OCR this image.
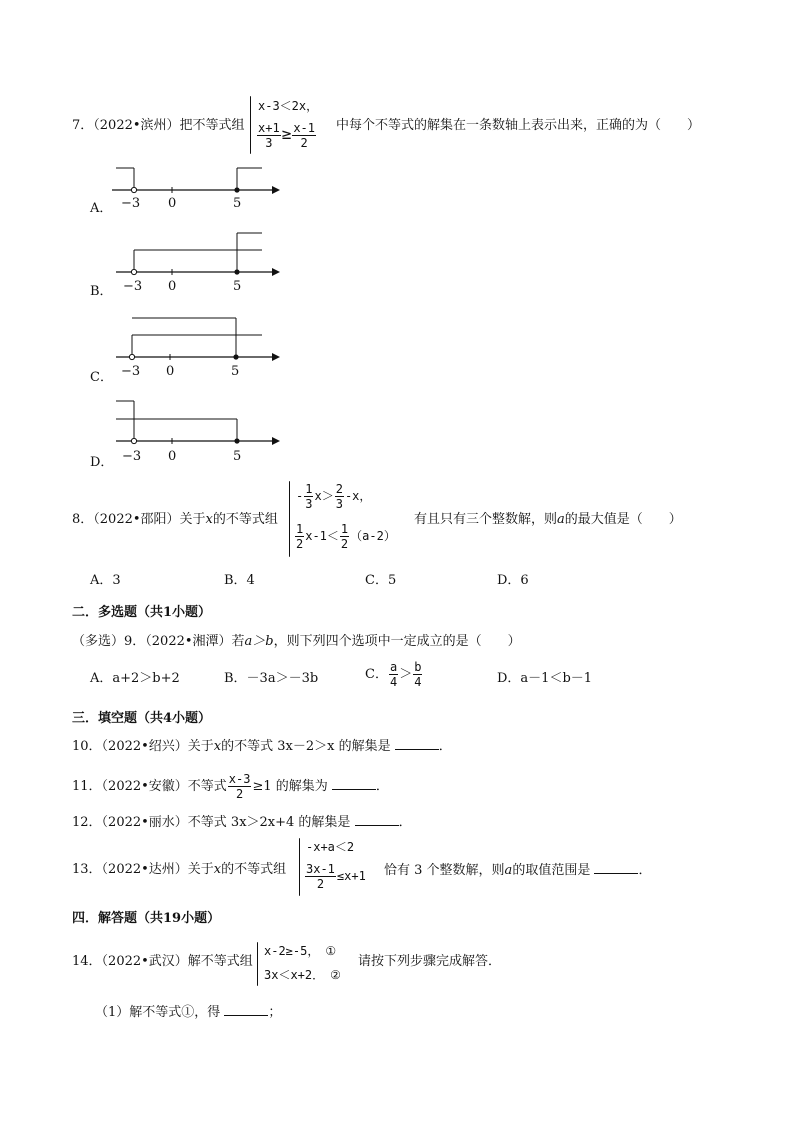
7．（2022•滨州）把不等式组
x-3＜2x，
$\frac{x+1}{3} \ge \frac{x-1}{2}$ 中每个不等式的解集在一条数轴上表示出来，正确的为（　　）
A． −3 0	5
B． −3 0	5
C． −3 0	5
D． −3 0	5
8．（2022•邵阳）关于x的不等式组
- $\frac{1}{3} x> \frac{2}{3} -x$，
$\frac{1}{2} x-1< \frac{1}{2} (a-2)$
有且只有三个整数解，则a的最大值是（　　）
A．3	B．4	C．5	D．6
二．多选题（共1小题）
（多选）9．（2022•湘潭）若a＞b，则下列四个选项中一定成立的是（　　）
A．a+2＞b+2	B．－3a＞－3b	C． $\frac{a}{4} > \frac{b}{4}$	D．a－1＜b－1
三．填空题（共4小题）
10．（2022•绍兴）关于x的不等式 3x－2＞x 的解集是	．
11．（2022•安徽）不等式 $\frac{x-3}{2} \ge 1$ 的解集为	．
12．（2022•丽水）不等式 3x＞2x+4 的解集是	．
13．（2022•达州）关于x的不等式组
-x+a＜2
$\frac{3x-1}{2} \le x+1$ 恰有 3 个整数解，则a的取值范围是	．
四．解答题（共19小题）
14．（2022•武汉）解不等式组
x-2≥-5， ①
3x＜x+2． ②
请按下列步骤完成解答．
（1）解不等式①，得	；
